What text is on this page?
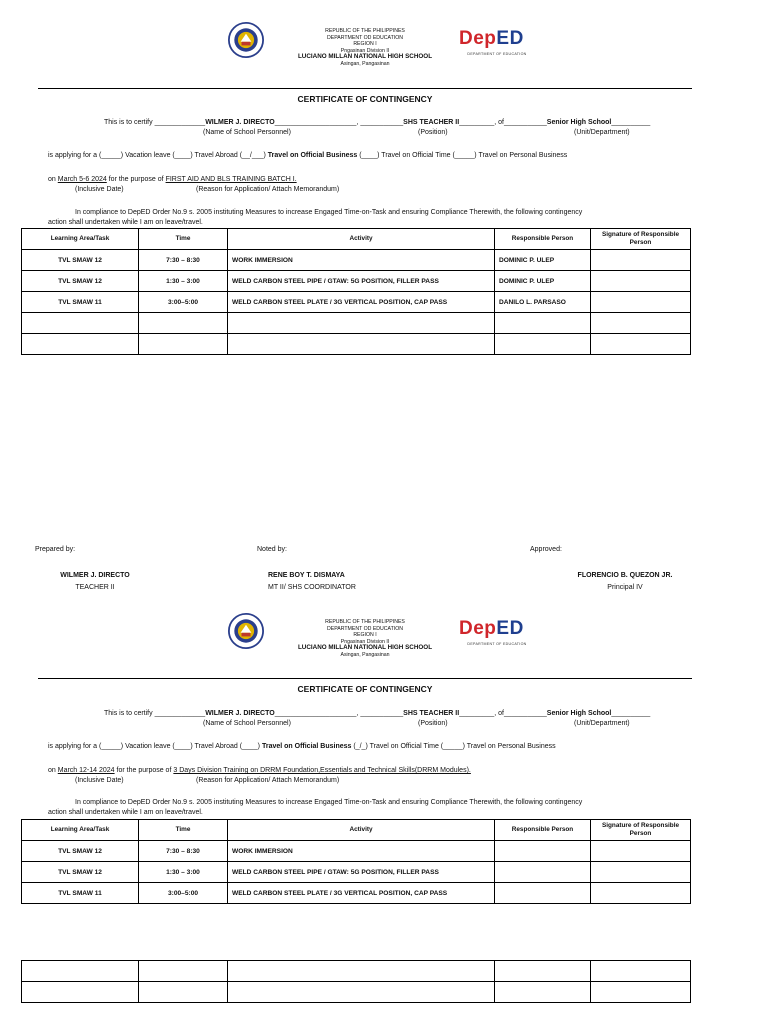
REPUBLIC OF THE PHILIPPINES
DEPARTMENT OD EDUCATION
REGION I
Pngasinan Division II
LUCIANO MILLAN NATIONAL HIGH SCHOOL
Asingan, Pangasinan
DepED
DEPARTMENT OF EDUCATION
CERTIFICATE OF CONTINGENCY
This is to certify _____________WILMER J. DIRECTO_____________________, ___________SHS TEACHER II_________, of___________Senior High School__________
(Name of School Personnel)	(Position)	(Unit/Department)
is applying for a (_____) Vacation leave (____) Travel Abroad (__/___) Travel on Official Business (____) Travel on Official Time (_____) Travel on Personal Business
on March 5-6 2024 for the purpose of FIRST AID AND BLS TRAINING BATCH I.
(Inclusive Date)	(Reason for Application/ Attach Memorandum)
In compliance to DepED Order No.9 s. 2005 instituting Measures to increase Engaged Time-on-Task and ensuring Compliance Therewith, the following contingency
action shall undertaken while I am on leave/travel.
Learning Area/Task	Time	Activity	Responsible Person	Signature of Responsible Person
TVL SMAW 12	7:30 – 8:30	WORK IMMERSION	DOMINIC P. ULEP	
TVL SMAW 12	1:30 – 3:00	WELD CARBON STEEL PIPE / GTAW: 5G POSITION, FILLER PASS	DOMINIC P. ULEP	
TVL SMAW 11	3:00–5:00	WELD CARBON STEEL PLATE / 3G VERTICAL POSITION, CAP PASS	DANILO L. PARSASO	

Prepared by:	Noted by:	Approved:
WILMER J. DIRECTO
TEACHER II
RENE BOY T. DISMAYA
MT II/ SHS COORDINATOR
FLORENCIO B. QUEZON JR.
Principal IV
REPUBLIC OF THE PHILIPPINES
DEPARTMENT OD EDUCATION
REGION I
Pngasinan Division II
LUCIANO MILLAN NATIONAL HIGH SCHOOL
Asingan, Pangasinan
DepED
DEPARTMENT OF EDUCATION
CERTIFICATE OF CONTINGENCY
This is to certify _____________WILMER J. DIRECTO_____________________, ___________SHS TEACHER II_________, of___________Senior High School__________
(Name of School Personnel)	(Position)	(Unit/Department)
is applying for a (_____) Vacation leave (____) Travel Abroad (____) Travel on Official Business (_/_) Travel on Official Time (_____) Travel on Personal Business
on March 12-14 2024 for the purpose of 3 Days Division Training on DRRM Foundation,Essentials and Technical Skills(DRRM Modules).
(Inclusive Date)	(Reason for Application/ Attach Memorandum)
In compliance to DepED Order No.9 s. 2005 instituting Measures to increase Engaged Time-on-Task and ensuring Compliance Therewith, the following contingency
action shall undertaken while I am on leave/travel.
Learning Area/Task	Time	Activity	Responsible Person	Signature of Responsible Person
TVL SMAW 12	7:30 – 8:30	WORK IMMERSION		
TVL SMAW 12	1:30 – 3:00	WELD CARBON STEEL PIPE / GTAW: 5G POSITION, FILLER PASS		
TVL SMAW 11	3:00–5:00	WELD CARBON STEEL PLATE / 3G VERTICAL POSITION, CAP PASS		
